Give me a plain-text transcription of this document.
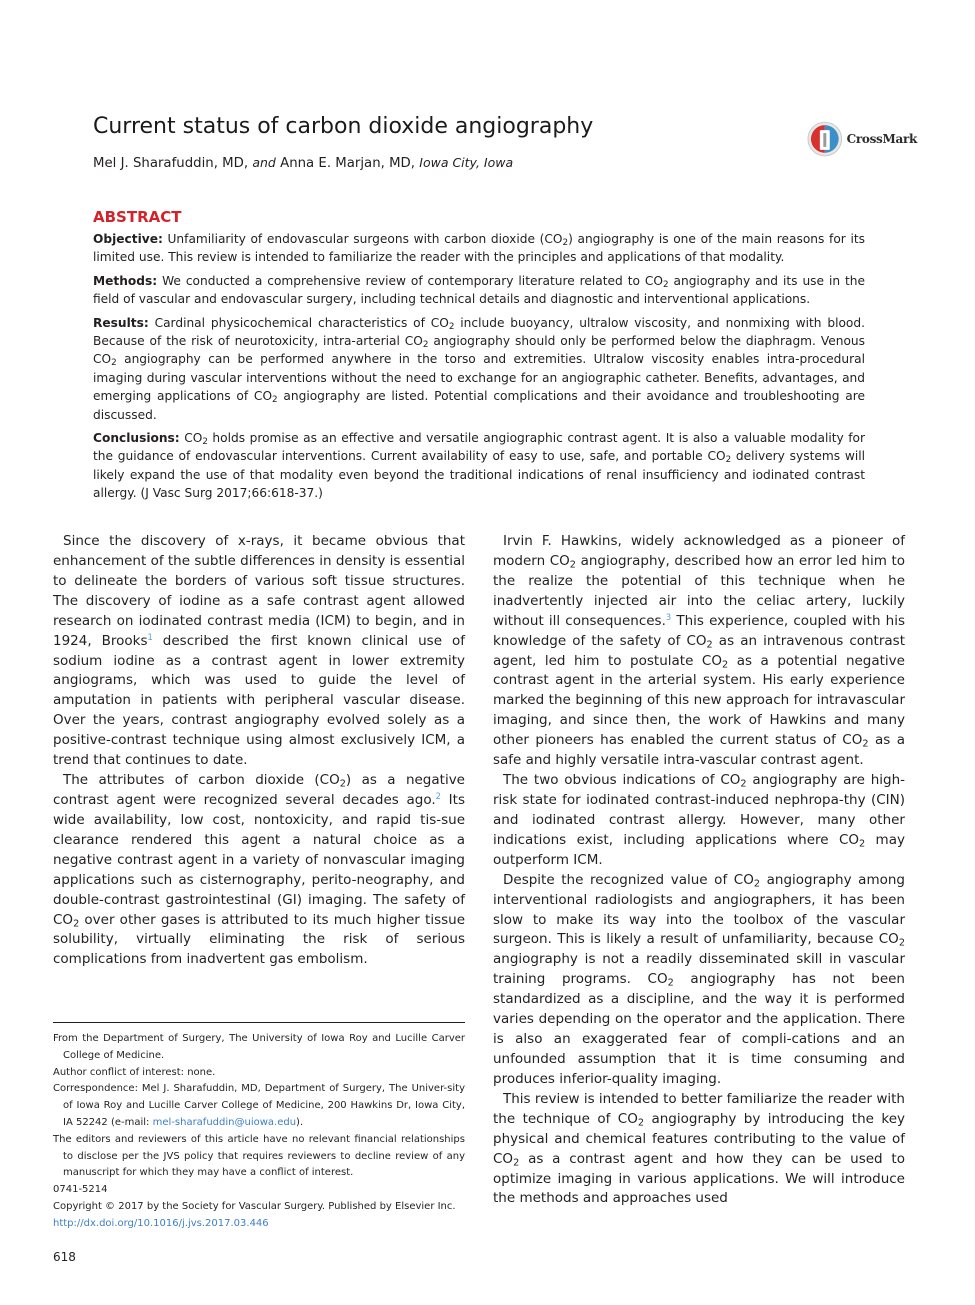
Current status of carbon dioxide angiography
Mel J. Sharafuddin, MD, and Anna E. Marjan, MD, Iowa City, Iowa
CrossMark
ABSTRACT

Objective: Unfamiliarity of endovascular surgeons with carbon dioxide $(CO_2)$ angiography is one of the main reasons for its limited use. This review is intended to familiarize the reader with the principles and applications of that modality.

Methods: We conducted a comprehensive review of contemporary literature related to $CO_2$ angiography and its use in the field of vascular and endovascular surgery, including technical details and diagnostic and interventional applications.

Results: Cardinal physicochemical characteristics of $CO_2$ include buoyancy, ultralow viscosity, and nonmixing with blood. Because of the risk of neurotoxicity, intra-arterial $CO_2$ angiography should only be performed below the diaphragm. Venous $CO_2$ angiography can be performed anywhere in the torso and extremities. Ultralow viscosity enables intra-procedural imaging during vascular interventions without the need to exchange for an angiographic catheter. Benefits, advantages, and emerging applications of $CO_2$ angiography are listed. Potential complications and their avoidance and troubleshooting are discussed.

Conclusions: $CO_2$ holds promise as an effective and versatile angiographic contrast agent. It is also a valuable modality for the guidance of endovascular interventions. Current availability of easy to use, safe, and portable $CO_2$ delivery systems will likely expand the use of that modality even beyond the traditional indications of renal insufficiency and iodinated contrast allergy. (J Vasc Surg 2017;66:618-37.)

Since the discovery of x-rays, it became obvious that enhancement of the subtle differences in density is essential to delineate the borders of various soft tissue structures. The discovery of iodine as a safe contrast agent allowed research on iodinated contrast media (ICM) to begin, and in 1924, Brooks$^1$ described the first known clinical use of sodium iodine as a contrast agent in lower extremity angiograms, which was used to guide the level of amputation in patients with peripheral vascular disease. Over the years, contrast angiography evolved solely as a positive-contrast technique using almost exclusively ICM, a trend that continues to date.

The attributes of carbon dioxide $(CO_2)$ as a negative contrast agent were recognized several decades ago.$^2$ Its wide availability, low cost, nontoxicity, and rapid tis-sue clearance rendered this agent a natural choice as a negative contrast agent in a variety of nonvascular imaging applications such as cisternography, perito-neography, and double-contrast gastrointestinal (GI) imaging. The safety of $CO_2$ over other gases is attributed to its much higher tissue solubility, virtually eliminating the risk of serious complications from inadvertent gas embolism.

From the Department of Surgery, The University of Iowa Roy and Lucille Carver College of Medicine.

Author conflict of interest: none.

Correspondence: Mel J. Sharafuddin, MD, Department of Surgery, The Univer-sity of Iowa Roy and Lucille Carver College of Medicine, 200 Hawkins Dr, Iowa City, IA 52242 (e-mail: mel-sharafuddin@uiowa.edu).

The editors and reviewers of this article have no relevant financial relationships to disclose per the JVS policy that requires reviewers to decline review of any manuscript for which they may have a conflict of interest.

0741-5214

Copyright © 2017 by the Society for Vascular Surgery. Published by Elsevier Inc.

http://dx.doi.org/10.1016/j.jvs.2017.03.446

618

Irvin F. Hawkins, widely acknowledged as a pioneer of modern $CO_2$ angiography, described how an error led him to the realize the potential of this technique when he inadvertently injected air into the celiac artery, luckily without ill consequences.$^3$ This experience, coupled with his knowledge of the safety of $CO_2$ as an intravenous contrast agent, led him to postulate $CO_2$ as a potential negative contrast agent in the arterial system. His early experience marked the beginning of this new approach for intravascular imaging, and since then, the work of Hawkins and many other pioneers has enabled the current status of $CO_2$ as a safe and highly versatile intra-vascular contrast agent.

The two obvious indications of $CO_2$ angiography are high-risk state for iodinated contrast-induced nephropa-thy (CIN) and iodinated contrast allergy. However, many other indications exist, including applications where $CO_2$ may outperform ICM.

Despite the recognized value of $CO_2$ angiography among interventional radiologists and angiographers, it has been slow to make its way into the toolbox of the vascular surgeon. This is likely a result of unfamiliarity, because $CO_2$ angiography is not a readily disseminated skill in vascular training programs. $CO_2$ angiography has not been standardized as a discipline, and the way it is performed varies depending on the operator and the application. There is also an exaggerated fear of compli-cations and an unfounded assumption that it is time consuming and produces inferior-quality imaging.

This review is intended to better familiarize the reader with the technique of $CO_2$ angiography by introducing the key physical and chemical features contributing to the value of $CO_2$ as a contrast agent and how they can be used to optimize imaging in various applications. We will introduce the methods and approaches used
